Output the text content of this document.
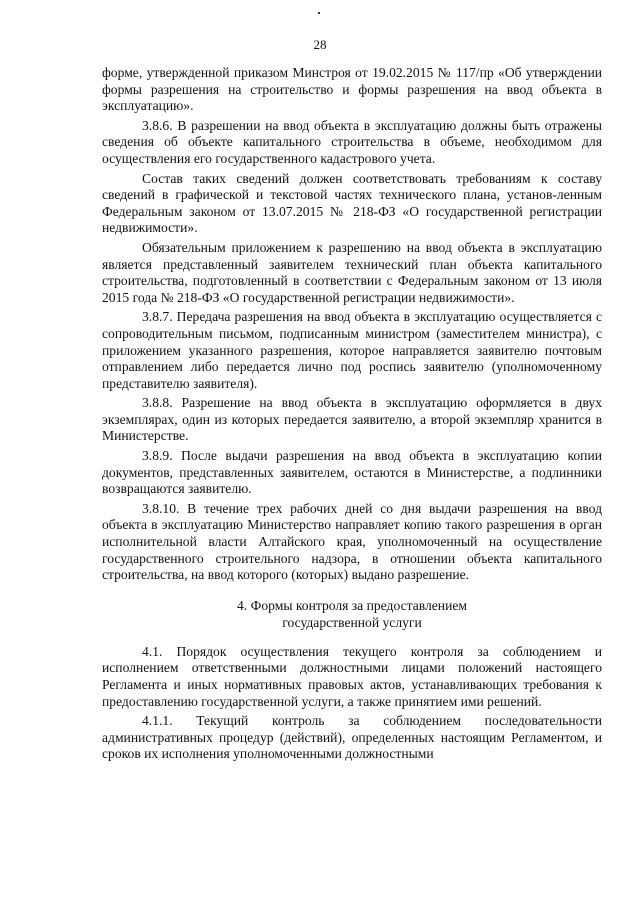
28

форме, утвержденной приказом Минстроя от 19.02.2015 № 117/пр «Об утверждении формы разрешения на строительство и формы разрешения на ввод объекта в эксплуатацию».

3.8.6. В разрешении на ввод объекта в эксплуатацию должны быть отражены сведения об объекте капитального строительства в объеме, необходимом для осуществления его государственного кадастрового учета.

Состав таких сведений должен соответствовать требованиям к составу сведений в графической и текстовой частях технического плана, установ-ленным Федеральным законом от 13.07.2015 № 218-ФЗ «О государственной регистрации недвижимости».

Обязательным приложением к разрешению на ввод объекта в эксплуатацию является представленный заявителем технический план объекта капитального строительства, подготовленный в соответствии с Федеральным законом от 13 июля 2015 года № 218-ФЗ «О государственной регистрации недвижимости».

3.8.7. Передача разрешения на ввод объекта в эксплуатацию осуществляется с сопроводительным письмом, подписанным министром (заместителем министра), с приложением указанного разрешения, которое направляется заявителю почтовым отправлением либо передается лично под роспись заявителю (уполномоченному представителю заявителя).

3.8.8. Разрешение на ввод объекта в эксплуатацию оформляется в двух экземплярах, один из которых передается заявителю, а второй экземпляр хранится в Министерстве.

3.8.9. После выдачи разрешения на ввод объекта в эксплуатацию копии документов, представленных заявителем, остаются в Министерстве, а подлинники возвращаются заявителю.

3.8.10. В течение трех рабочих дней со дня выдачи разрешения на ввод объекта в эксплуатацию Министерство направляет копию такого разрешения в орган исполнительной власти Алтайского края, уполномоченный на осуществление государственного строительного надзора, в отношении объекта капитального строительства, на ввод которого (которых) выдано разрешение.

4. Формы контроля за предоставлением
государственной услуги

4.1. Порядок осуществления текущего контроля за соблюдением и исполнением ответственными должностными лицами положений настоящего Регламента и иных нормативных правовых актов, устанавливающих требования к предоставлению государственной услуги, а также принятием ими решений.

4.1.1. Текущий контроль за соблюдением последовательности административных процедур (действий), определенных настоящим Регламентом, и сроков их исполнения уполномоченными должностными
